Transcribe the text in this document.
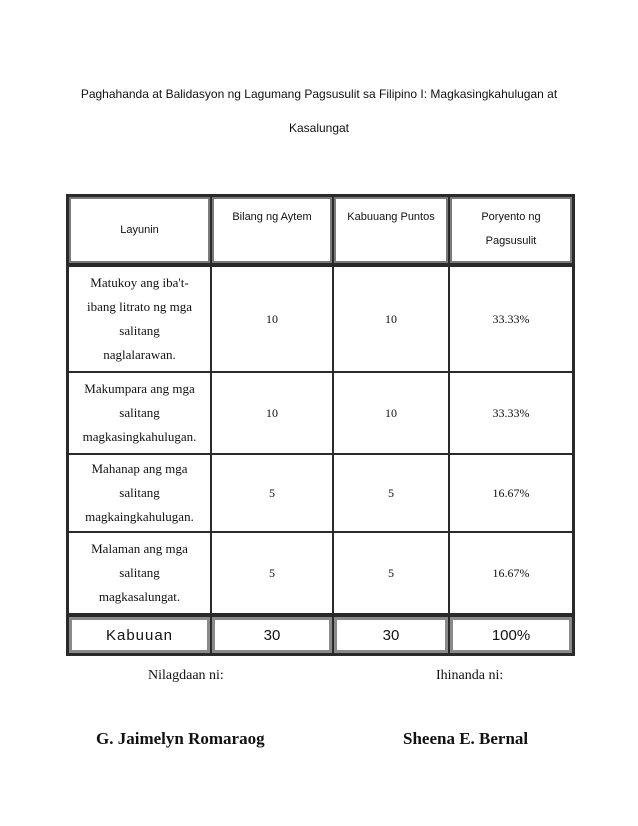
Paghahanda at Balidasyon ng Lagumang Pagsusulit sa Filipino I: Magkasingkahulugan at
Kasalungat
Layunin	Bilang ng Aytem	Kabuuang Puntos	Poryento ng
Pagsusulit

Matukoy ang iba't-
ibang litrato ng mga
salitang
naglalarawan.	10	10	33.33%

Makumpara ang mga
salitang
magkasingkahulugan.	10	10	33.33%

Mahanap ang mga
salitang
magkaingkahulugan.	5	5	16.67%

Malaman ang mga
salitang
magkasalungat.	5	5	16.67%
Kabuuan	30	30	100%
Nilagdaan ni:	Ihinanda ni:
G. Jaimelyn Romaraog	Sheena E. Bernal
